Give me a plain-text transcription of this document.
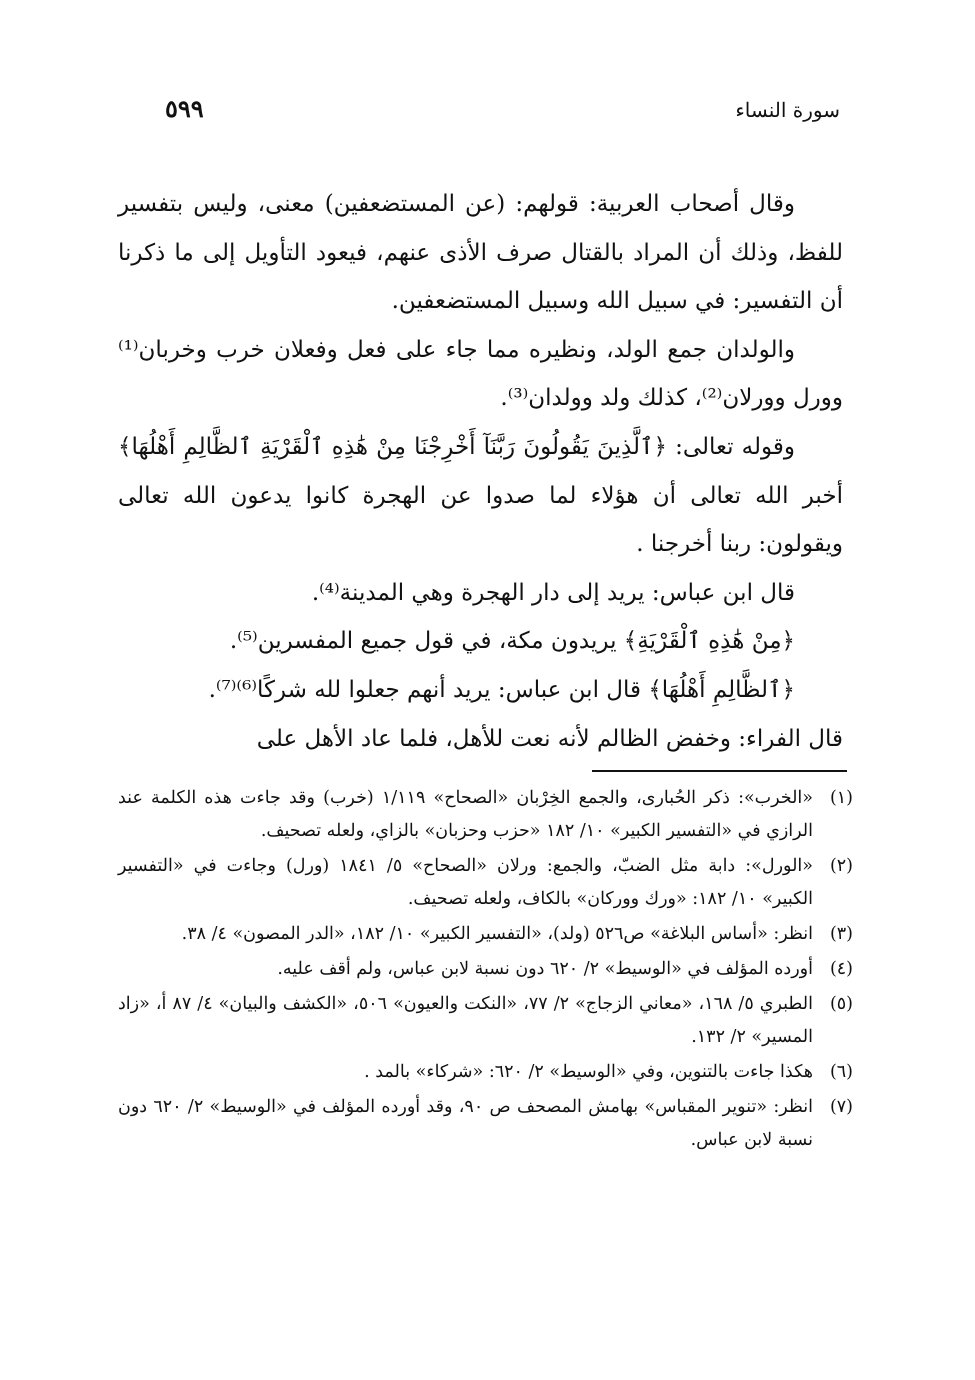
٥٩٩	سورة النساء

وقال أصحاب العربية: قولهم: (عن المستضعفين) معنى، وليس بتفسير للفظ، وذلك أن المراد بالقتال صرف الأذى عنهم، فيعود التأويل إلى ما ذكرنا أن التفسير: في سبيل الله وسبيل المستضعفين.

والولدان جمع الولد، ونظيره مما جاء على فعل وفعلان خرب وخربان⁽¹⁾ وورل وورلان⁽²⁾، كذلك ولد وولدان⁽³⁾.

وقوله تعالى: ﴿ٱلَّذِينَ يَقُولُونَ رَبَّنَآ أَخْرِجْنَا مِنْ هَٰذِهِ ٱلْقَرْيَةِ ٱلظَّالِمِ أَهْلُهَا﴾ أخبر الله تعالى أن هؤلاء لما صدوا عن الهجرة كانوا يدعون الله تعالى ويقولون: ربنا أخرجنا .

قال ابن عباس: يريد إلى دار الهجرة وهي المدينة⁽⁴⁾.

﴿مِنْ هَٰذِهِ ٱلْقَرْيَةِ﴾ يريدون مكة، في قول جميع المفسرين⁽⁵⁾.

﴿ٱلظَّالِمِ أَهْلُهَا﴾ قال ابن عباس: يريد أنهم جعلوا لله شركًا⁽⁶⁾⁽⁷⁾.

قال الفراء: وخفض الظالم لأنه نعت للأهل، فلما عاد الأهل على

(١)
«الخرب»: ذكر الحُبارى، والجمع الخِرْبان «الصحاح» ١/١١٩ (خرب) وقد جاءت هذه الكلمة عند الرازي في «التفسير الكبير» ١٠/ ١٨٢ «حزب وحزبان» بالزاي، ولعله تصحيف.

(٢)
«الورل»: دابة مثل الضبّ، والجمع: ورلان «الصحاح» ٥/ ١٨٤١ (ورل) وجاءت في «التفسير الكبير» ١٠/ ١٨٢: «ورك ووركان» بالكاف، ولعله تصحيف.

(٣)
انظر: «أساس البلاغة» ص٥٢٦ (ولد)، «التفسير الكبير» ١٠/ ١٨٢، «الدر المصون» ٤/ ٣٨.

(٤)
أورده المؤلف في «الوسيط» ٢/ ٦٢٠ دون نسبة لابن عباس، ولم أقف عليه.

(٥)
الطبري ٥/ ١٦٨، «معاني الزجاج» ٢/ ٧٧، «النكت والعيون» ٥٠٦، «الكشف والبيان» ٤/ ٨٧ أ، «زاد المسير» ٢/ ١٣٢.

(٦)
هكذا جاءت بالتنوين، وفي «الوسيط» ٢/ ٦٢٠: «شركاء» بالمد .

(٧)
انظر: «تنوير المقباس» بهامش المصحف ص ٩٠، وقد أورده المؤلف في «الوسيط» ٢/ ٦٢٠ دون نسبة لابن عباس.
